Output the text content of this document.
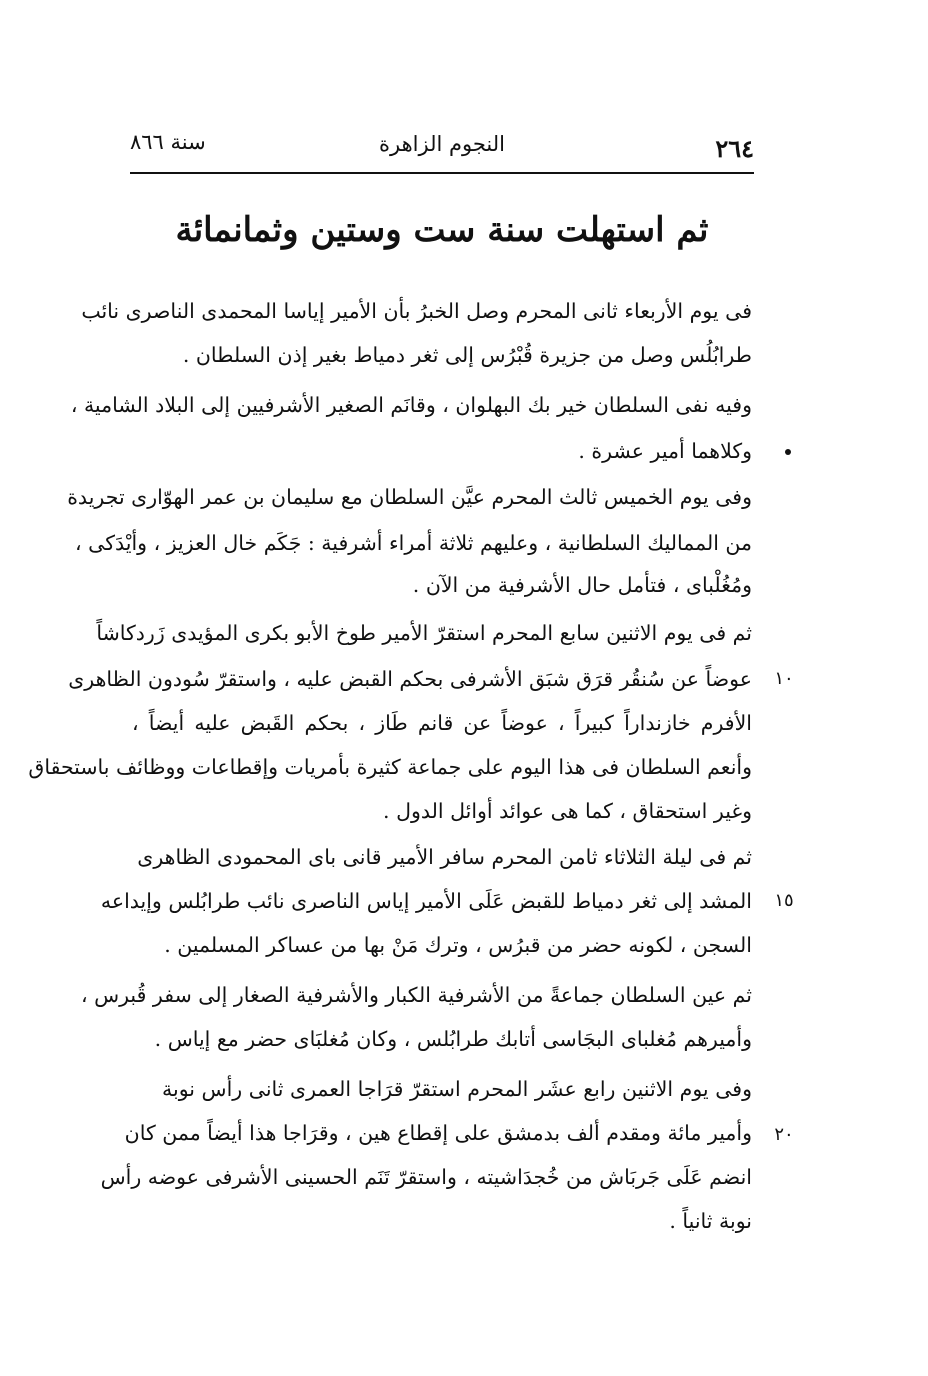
٢٦٤
النجوم الزاهرة
سنة ٨٦٦
ثم استهلت سنة ست وستين وثمانمائة
فى يوم الأربعاء ثانى المحرم وصل الخبرُ بأن الأمير إياسا المحمدى الناصرى نائب
طرابُلُس وصل من جزيرة قُبْرُس إلى ثغر دمياط بغير إذن السلطان .
وفيه نفى السلطان خير بك البهلوان ، وقانَم الصغير الأشرفيين إلى البلاد الشامية ،
وكلاهما أمير عشرة .
وفى يوم الخميس ثالث المحرم عيَّن السلطان مع سليمان بن عمر الهوّارى تجريدة
من المماليك السلطانية ، وعليهم ثلاثة أمراء أشرفية : جَكَم خال العزيز ، وأيْدَكى ،
ومُغُلْباى ، فتأمل حال الأشرفية من الآن .
ثم فى يوم الاثنين سابع المحرم استقرّ الأمير طوخ الأبو بكرى المؤيدى زَردكاشاً
عوضاً عن سُنقُر قرَق شبَق الأشرفى بحكم القبض عليه ، واستقرّ سُودون الظاهرى	١٠
الأفرم خازنداراً كبيراً ، عوضاً عن قانم طَاز ، بحكم القَبض عليه أيضاً ،
وأنعم السلطان فى هذا اليوم على جماعة كثيرة بأمريات وإقطاعات ووظائف باستحقاق
وغير استحقاق ، كما هى عوائد أوائل الدول .
ثم فى ليلة الثلاثاء ثامن المحرم سافر الأمير قانى باى المحمودى الظاهرى
المشد إلى ثغر دمياط للقبض عَلَى الأمير إياس الناصرى نائب طرابُلس وإيداعه	١٥
السجن ، لكونه حضر من قبرُس ، وترك مَنْ بها من عساكر المسلمين .
ثم عين السلطان جماعةً من الأشرفية الكبار والأشرفية الصغار إلى سفر قُبرس ،
وأميرهم مُغلباى البجَاسى أتابك طرابُلس ، وكان مُغلبَاى حضر مع إياس .
وفى يوم الاثنين رابع عشَر المحرم استقرّ قرَاجا العمرى ثانى رأس نوبة
وأمير مائة ومقدم ألف بدمشق على إقطاع هين ، وقرَاجا هذا أيضاً ممن كان	٢٠
انضم عَلَى جَربَاش من خُجدَاشيته ، واستقرّ تَنَم الحسينى الأشرفى عوضه رأس
نوبة ثانياً .
